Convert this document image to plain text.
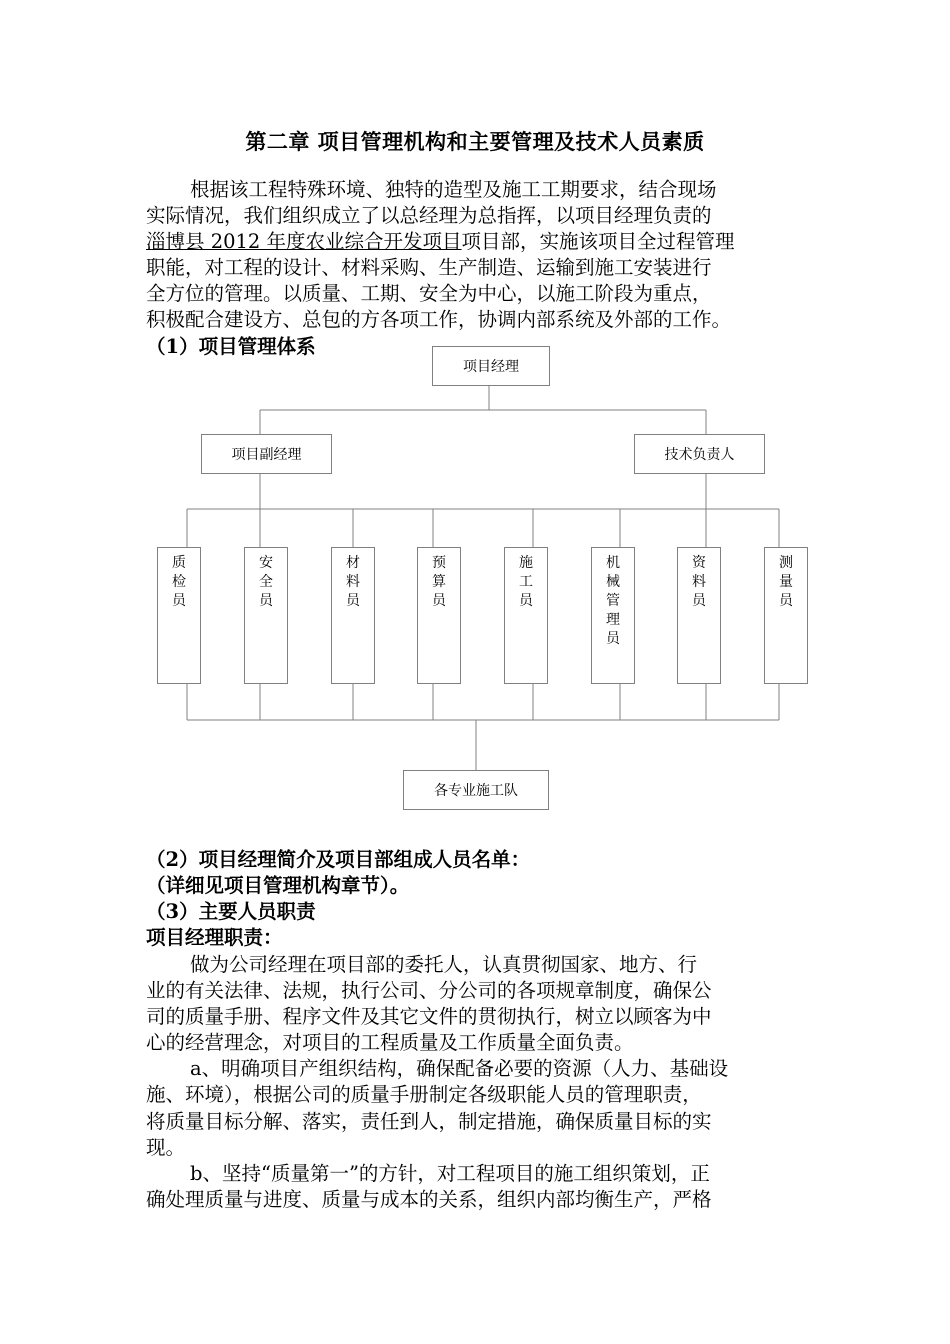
第二章 项目管理机构和主要管理及技术人员素质
根据该工程特殊环境、独特的造型及施工工期要求，结合现场
实际情况，我们组织成立了以总经理为总指挥，以项目经理负责的
淄博县 2012 年度农业综合开发项目项目部，实施该项目全过程管理
职能，对工程的设计、材料采购、生产制造、运输到施工安装进行
全方位的管理。以质量、工期、安全为中心，以施工阶段为重点，
积极配合建设方、总包的方各项工作，协调内部系统及外部的工作。
（1）项目管理体系
项目经理
项目副经理	技术负责人
质检员
安全员
材料员
预算员
施工员
机械管理员
资料员
测量员
各专业施工队
（2）项目经理简介及项目部组成人员名单：
（详细见项目管理机构章节）。
（3）主要人员职责
项目经理职责：
做为公司经理在项目部的委托人，认真贯彻国家、地方、行
业的有关法律、法规，执行公司、分公司的各项规章制度，确保公
司的质量手册、程序文件及其它文件的贯彻执行，树立以顾客为中
心的经营理念，对项目的工程质量及工作质量全面负责。
a、明确项目产组织结构，确保配备必要的资源（人力、基础设
施、环境），根据公司的质量手册制定各级职能人员的管理职责，
将质量目标分解、落实，责任到人，制定措施，确保质量目标的实
现。
b、坚持“质量第一”的方针，对工程项目的施工组织策划，正
确处理质量与进度、质量与成本的关系，组织内部均衡生产，严格
